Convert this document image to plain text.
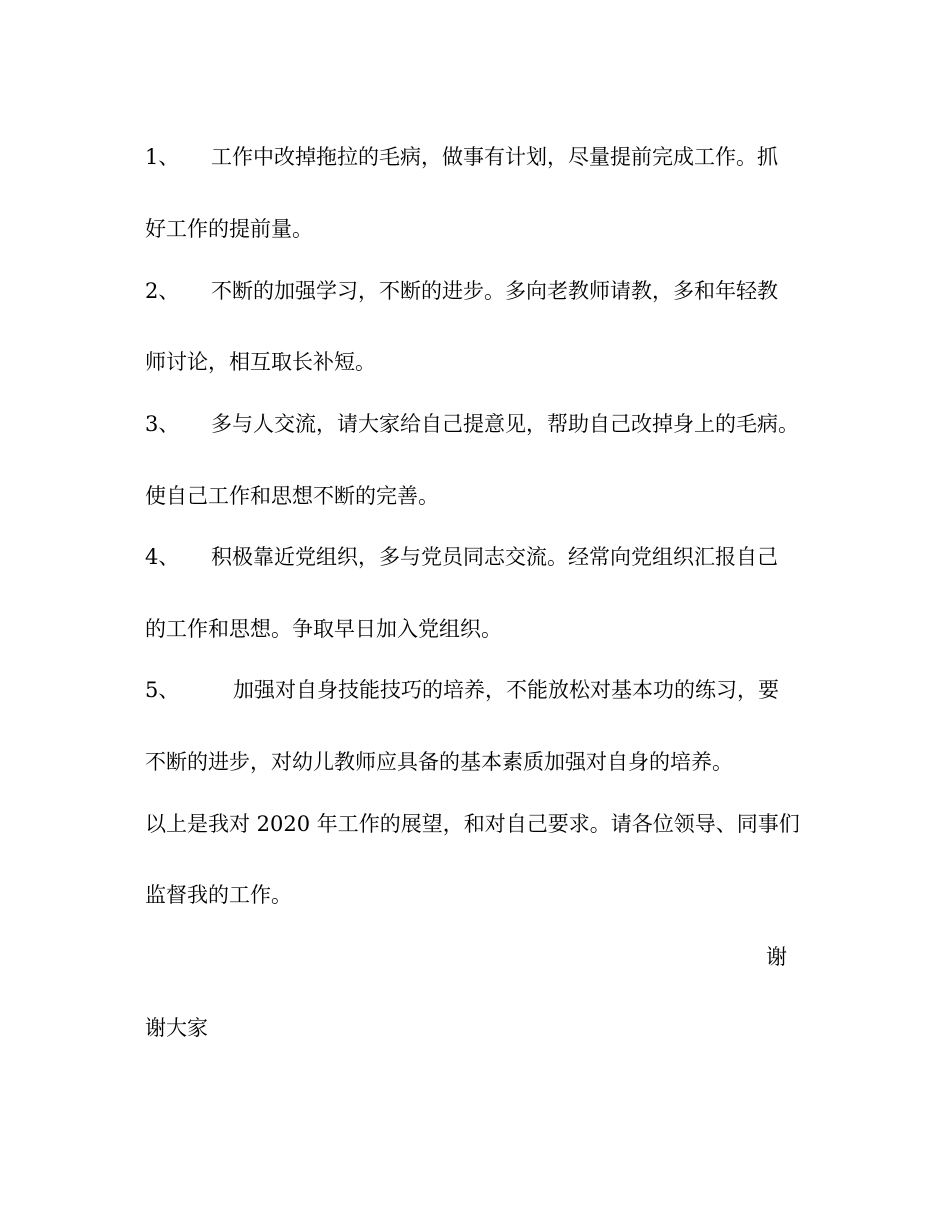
1、 工作中改掉拖拉的毛病，做事有计划，尽量提前完成工作。抓
好工作的提前量。
2、 不断的加强学习，不断的进步。多向老教师请教，多和年轻教
师讨论，相互取长补短。
3、 多与人交流，请大家给自己提意见，帮助自己改掉身上的毛病。
使自己工作和思想不断的完善。
4、 积极靠近党组织，多与党员同志交流。经常向党组织汇报自己
的工作和思想。争取早日加入党组织。
5、	加强对自身技能技巧的培养，不能放松对基本功的练习，要
不断的进步，对幼儿教师应具备的基本素质加强对自身的培养。
以上是我对 2020 年工作的展望，和对自己要求。请各位领导、同事们
监督我的工作。
谢
谢大家
